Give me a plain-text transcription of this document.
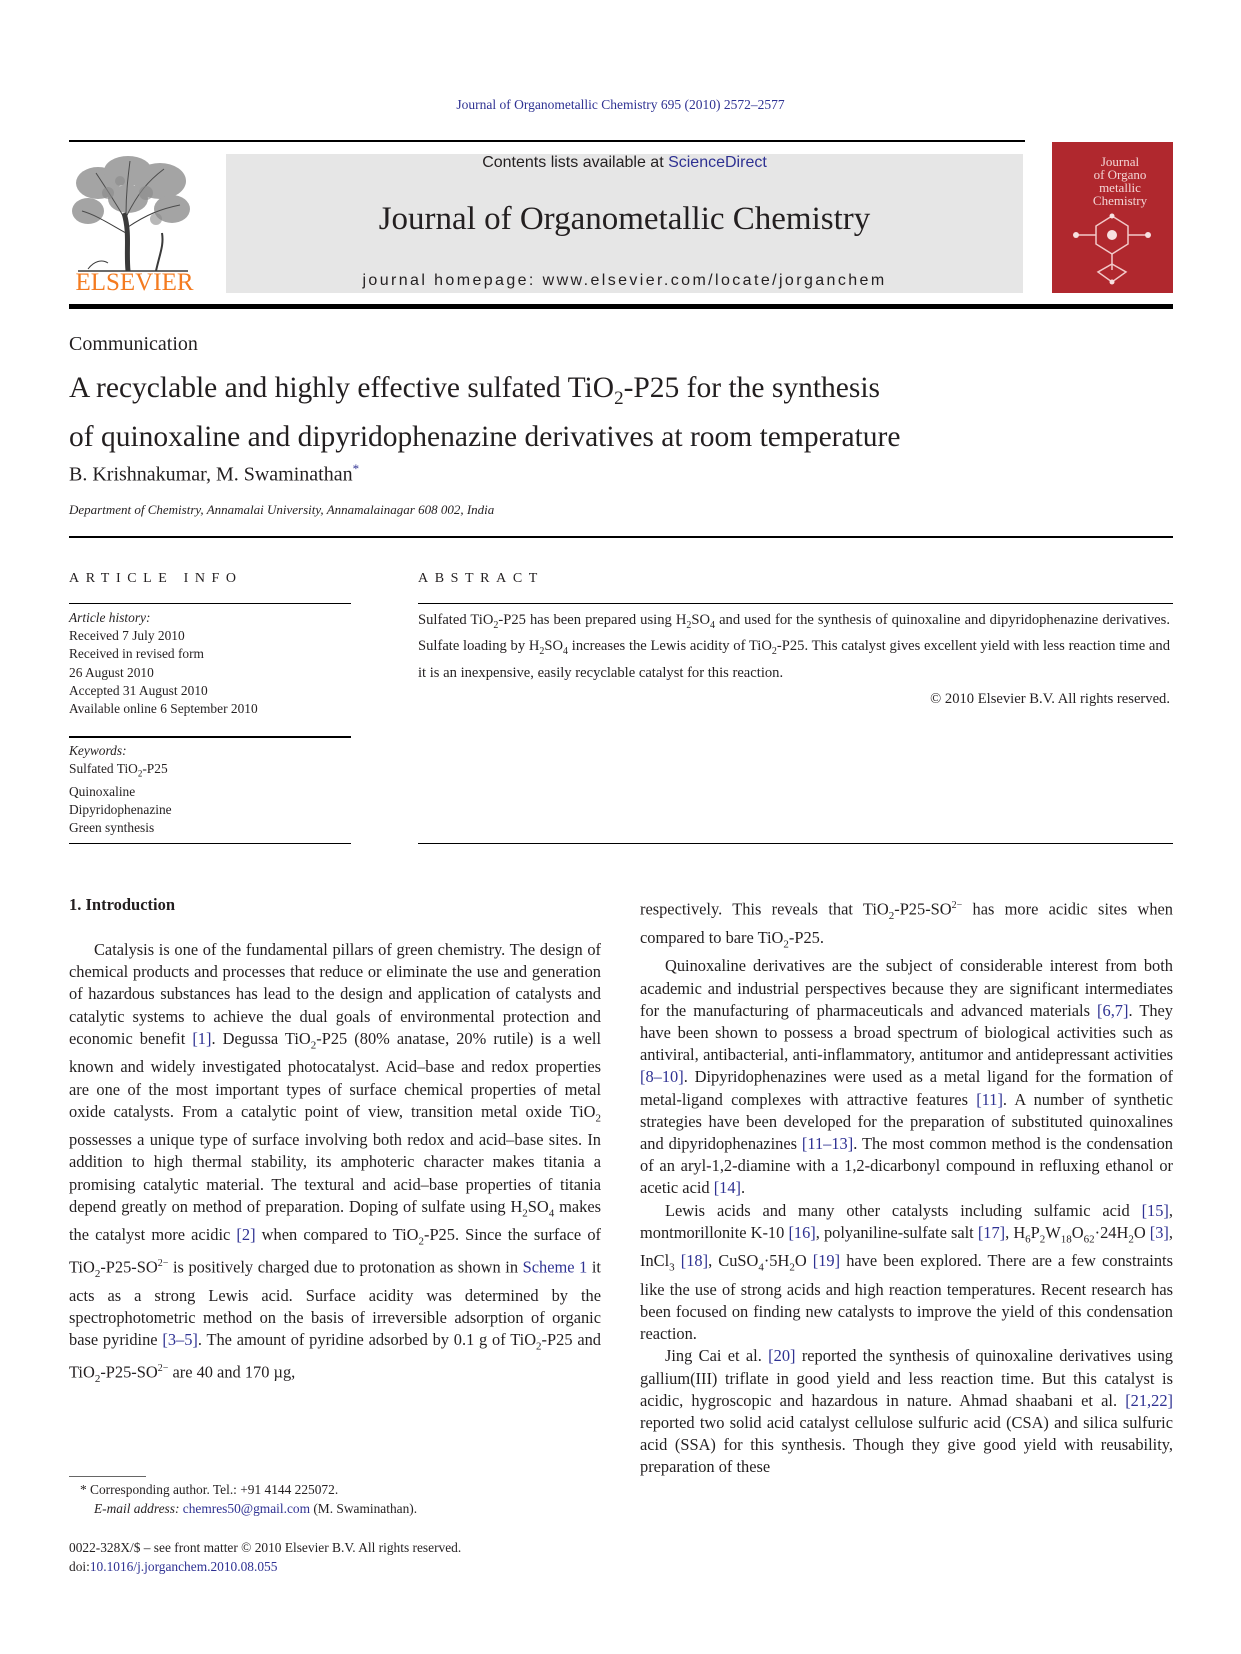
Journal of Organometallic Chemistry 695 (2010) 2572–2577
ELSEVIER
Contents lists available at ScienceDirect
Journal of Organometallic Chemistry
journal homepage: www.elsevier.com/locate/jorganchem
Journal
of Organo
metallic
Chemistry
Communication
A recyclable and highly effective sulfated TiO$_2$-P25 for the synthesis
of quinoxaline and dipyridophenazine derivatives at room temperature
B. Krishnakumar, M. Swaminathan*
Department of Chemistry, Annamalai University, Annamalainagar 608 002, India
ARTICLE INFO
Article history:
Received 7 July 2010
Received in revised form
26 August 2010
Accepted 31 August 2010
Available online 6 September 2010
Keywords:
Sulfated TiO$_2$-P25
Quinoxaline
Dipyridophenazine
Green synthesis
ABSTRACT
Sulfated TiO$_2$-P25 has been prepared using $H_2SO_4$ and used for the synthesis of quinoxaline and dipyridophenazine derivatives. Sulfate loading by $H_2SO_4$ increases the Lewis acidity of TiO$_2$-P25. This catalyst gives excellent yield with less reaction time and it is an inexpensive, easily recyclable catalyst for this reaction.
© 2010 Elsevier B.V. All rights reserved.
1. Introduction

Catalysis is one of the fundamental pillars of green chemistry. The design of chemical products and processes that reduce or eliminate the use and generation of hazardous substances has lead to the design and application of catalysts and catalytic systems to achieve the dual goals of environmental protection and economic benefit [1]. Degussa TiO$_2$-P25 (80% anatase, 20% rutile) is a well known and widely investigated photocatalyst. Acid–base and redox properties are one of the most important types of surface chemical properties of metal oxide catalysts. From a catalytic point of view, transition metal oxide TiO$_2$ possesses a unique type of surface involving both redox and acid–base sites. In addition to high thermal stability, its amphoteric character makes titania a promising catalytic material. The textural and acid–base properties of titania depend greatly on method of preparation. Doping of sulfate using $H_2SO_4$ makes the catalyst more acidic [2] when compared to TiO$_2$-P25. Since the surface of $TiO_2-P25-SO^{2-}$ is positively charged due to protonation as shown in Scheme 1 it acts as a strong Lewis acid. Surface acidity was determined by the spectrophotometric method on the basis of irreversible adsorption of organic base pyridine [3–5]. The amount of pyridine adsorbed by 0.1 g of TiO$_2$-P25 and $TiO_2-P25-SO^{2-}$ are 40 and 170 µg,

respectively. This reveals that $TiO_2-P25-SO^{2-}$ has more acidic sites when compared to bare TiO$_2$-P25.

Quinoxaline derivatives are the subject of considerable interest from both academic and industrial perspectives because they are significant intermediates for the manufacturing of pharmaceuticals and advanced materials [6,7]. They have been shown to possess a broad spectrum of biological activities such as antiviral, antibacterial, anti-inflammatory, antitumor and antidepressant activities [8–10]. Dipyridophenazines were used as a metal ligand for the formation of metal-ligand complexes with attractive features [11]. A number of synthetic strategies have been developed for the preparation of substituted quinoxalines and dipyridophenazines [11–13]. The most common method is the condensation of an aryl-1,2-diamine with a 1,2-dicarbonyl compound in refluxing ethanol or acetic acid [14].

Lewis acids and many other catalysts including sulfamic acid [15], montmorillonite K-10 [16], polyaniline-sulfate salt [17], $H_6P_2W_{18}O_{62}\cdot 24H_2O$ [3], InCl$_3$ [18], $CuSO_4\cdot 5H_2O$ [19] have been explored. There are a few constraints like the use of strong acids and high reaction temperatures. Recent research has been focused on finding new catalysts to improve the yield of this condensation reaction.

Jing Cai et al. [20] reported the synthesis of quinoxaline derivatives using gallium(III) triflate in good yield and less reaction time. But this catalyst is acidic, hygroscopic and hazardous in nature. Ahmad shaabani et al. [21,22] reported two solid acid catalyst cellulose sulfuric acid (CSA) and silica sulfuric acid (SSA) for this synthesis. Though they give good yield with reusability, preparation of these

* Corresponding author. Tel.: +91 4144 225072.
E-mail address: chemres50@gmail.com (M. Swaminathan).
0022-328X/$ – see front matter © 2010 Elsevier B.V. All rights reserved.
doi:10.1016/j.jorganchem.2010.08.055
